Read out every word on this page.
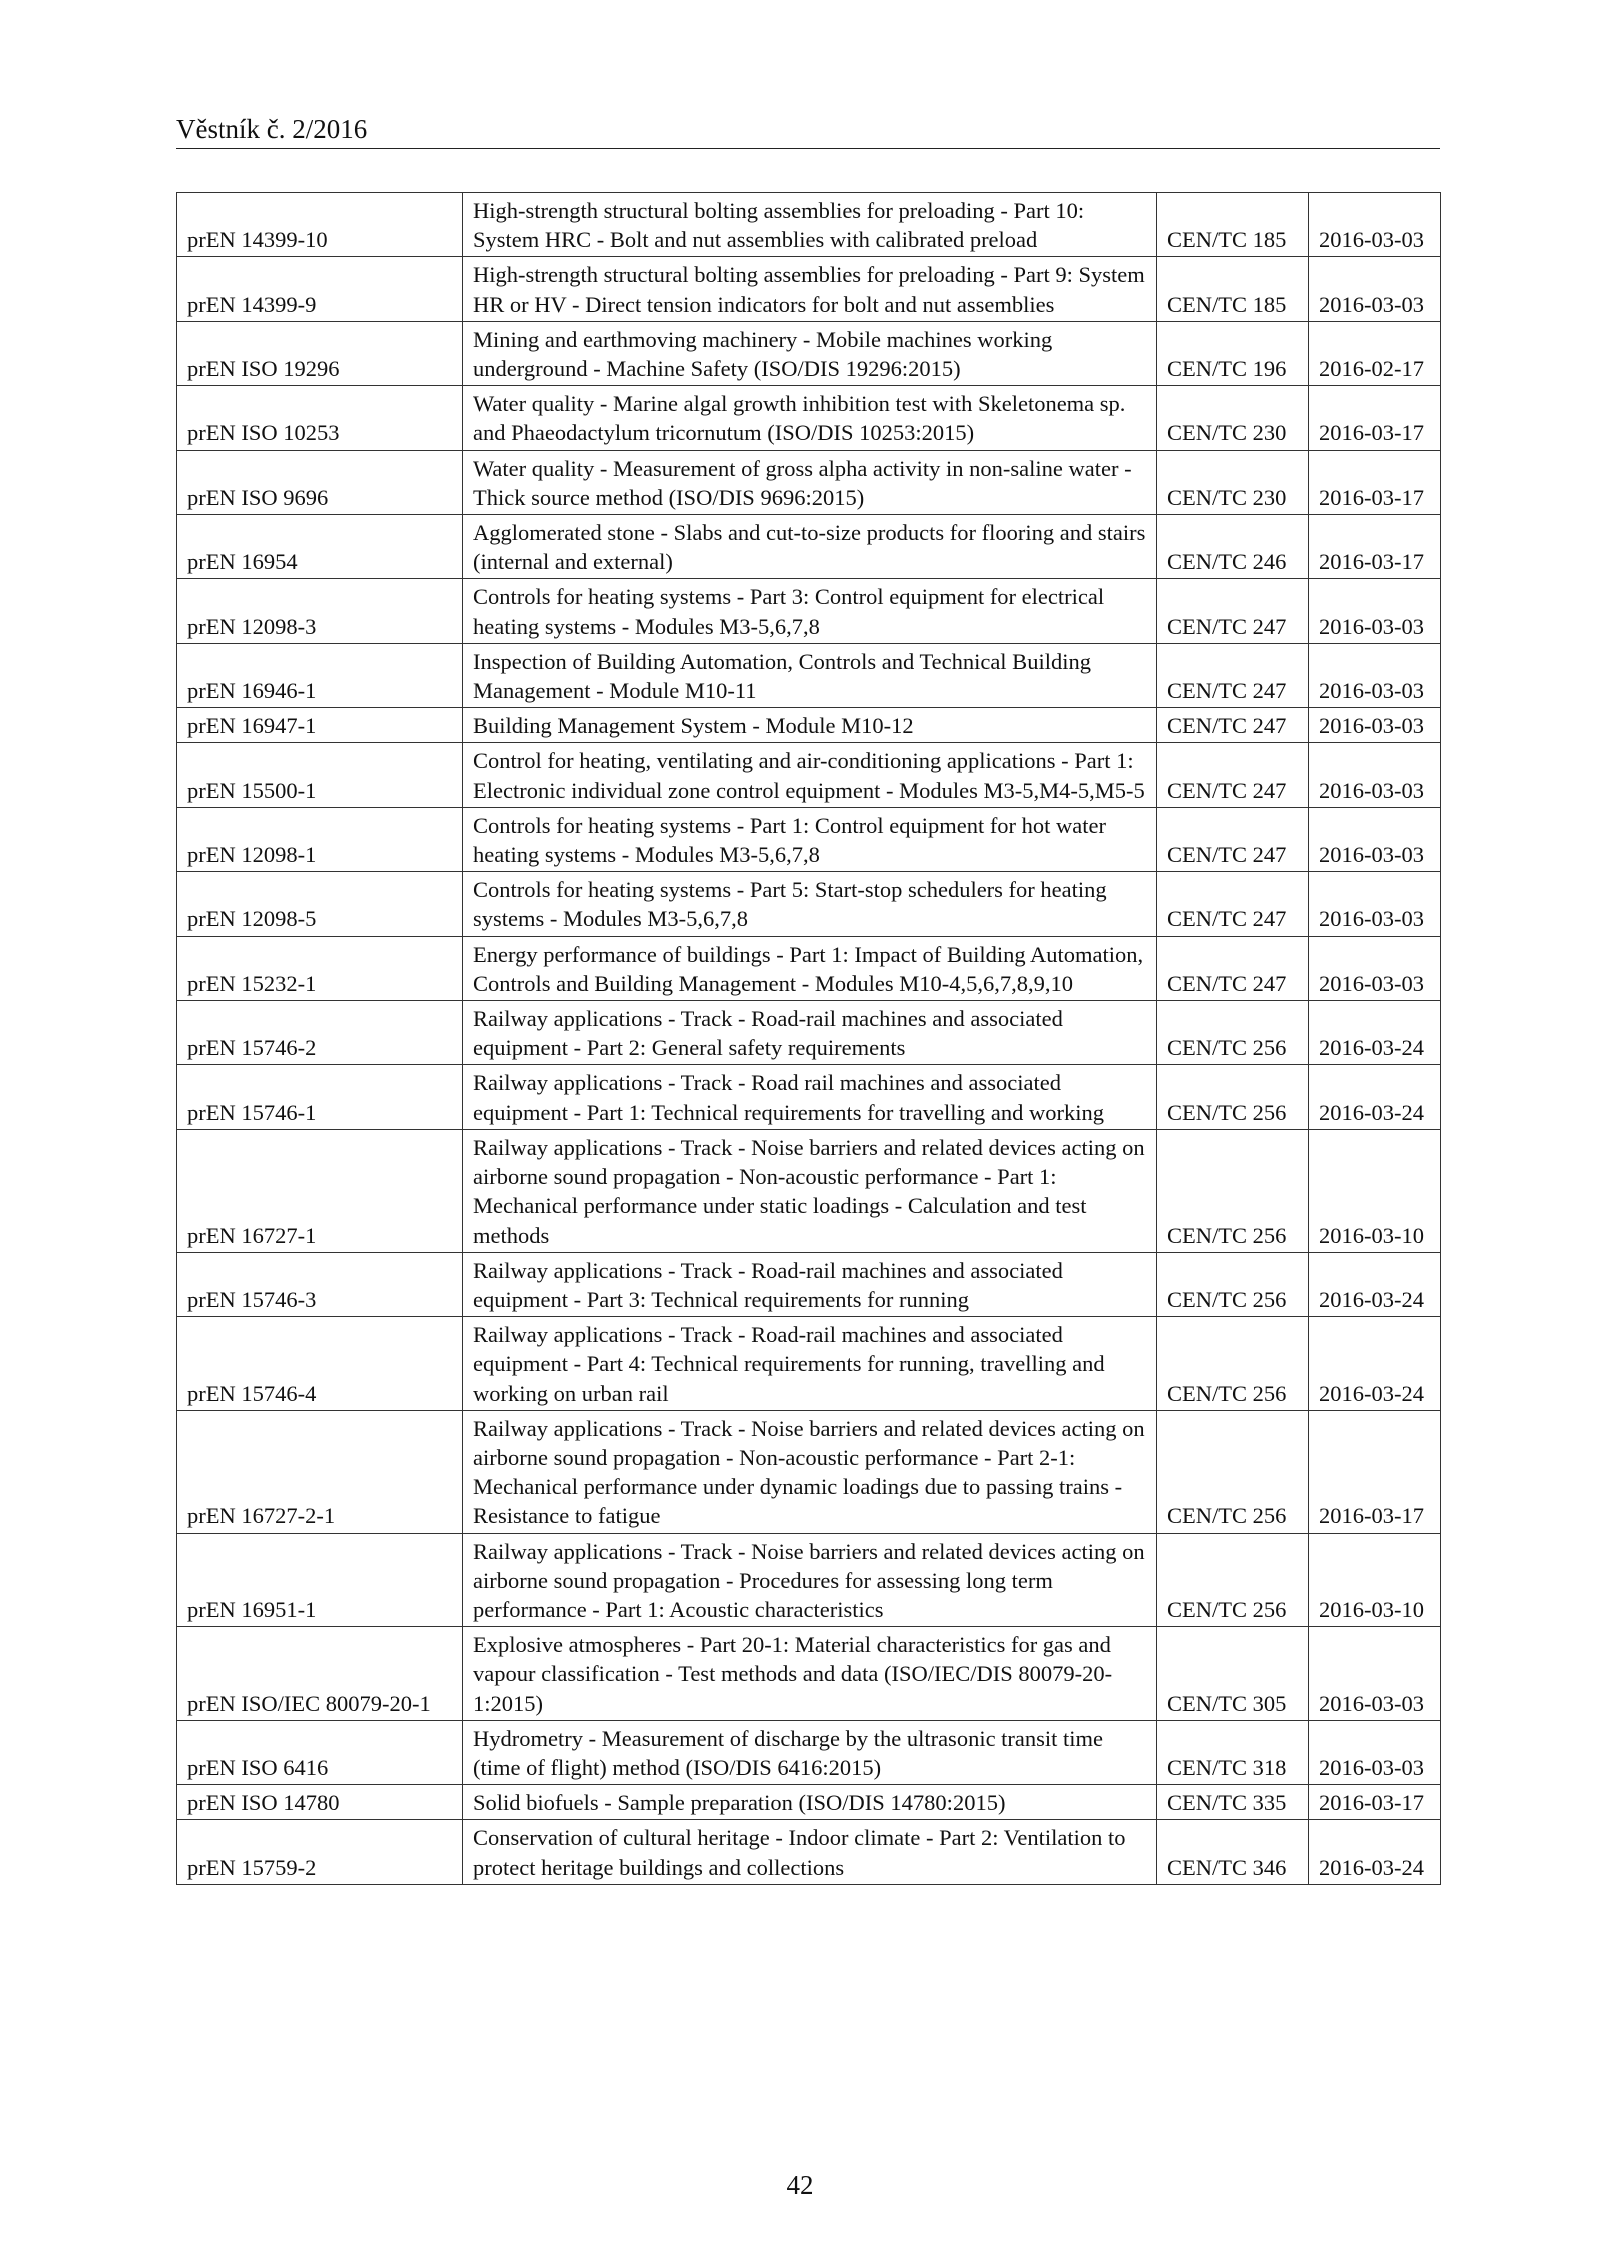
Věstník č. 2/2016
prEN 14399-10	High-strength structural bolting assemblies for preloading - Part 10: System HRC - Bolt and nut assemblies with calibrated preload	CEN/TC 185	2016-03-03
prEN 14399-9	High-strength structural bolting assemblies for preloading - Part 9: System HR or HV - Direct tension indicators for bolt and nut assemblies	CEN/TC 185	2016-03-03
prEN ISO 19296	Mining and earthmoving machinery - Mobile machines working underground - Machine Safety (ISO/DIS 19296:2015)	CEN/TC 196	2016-02-17
prEN ISO 10253	Water quality - Marine algal growth inhibition test with Skeletonema sp. and Phaeodactylum tricornutum (ISO/DIS 10253:2015)	CEN/TC 230	2016-03-17
prEN ISO 9696	Water quality - Measurement of gross alpha activity in non-saline water - Thick source method (ISO/DIS 9696:2015)	CEN/TC 230	2016-03-17
prEN 16954	Agglomerated stone - Slabs and cut-to-size products for flooring and stairs (internal and external)	CEN/TC 246	2016-03-17
prEN 12098-3	Controls for heating systems - Part 3: Control equipment for electrical heating systems - Modules M3-5,6,7,8	CEN/TC 247	2016-03-03
prEN 16946-1	Inspection of Building Automation, Controls and Technical Building Management - Module M10-11	CEN/TC 247	2016-03-03
prEN 16947-1	Building Management System - Module M10-12	CEN/TC 247	2016-03-03
prEN 15500-1	Control for heating, ventilating and air-conditioning applications - Part 1: Electronic individual zone control equipment - Modules M3-5,M4-5,M5-5	CEN/TC 247	2016-03-03
prEN 12098-1	Controls for heating systems - Part 1: Control equipment for hot water heating systems - Modules M3-5,6,7,8	CEN/TC 247	2016-03-03
prEN 12098-5	Controls for heating systems - Part 5: Start-stop schedulers for heating systems - Modules M3-5,6,7,8	CEN/TC 247	2016-03-03
prEN 15232-1	Energy performance of buildings - Part 1: Impact of Building Automation, Controls and Building Management - Modules M10-4,5,6,7,8,9,10	CEN/TC 247	2016-03-03
prEN 15746-2	Railway applications - Track - Road-rail machines and associated equipment - Part 2: General safety requirements	CEN/TC 256	2016-03-24
prEN 15746-1	Railway applications - Track - Road rail machines and associated equipment - Part 1: Technical requirements for travelling and working	CEN/TC 256	2016-03-24
prEN 16727-1	Railway applications - Track - Noise barriers and related devices acting on airborne sound propagation - Non-acoustic performance - Part 1: Mechanical performance under static loadings - Calculation and test methods	CEN/TC 256	2016-03-10
prEN 15746-3	Railway applications - Track - Road-rail machines and associated equipment - Part 3: Technical requirements for running	CEN/TC 256	2016-03-24
prEN 15746-4	Railway applications - Track - Road-rail machines and associated equipment - Part 4: Technical requirements for running, travelling and working on urban rail	CEN/TC 256	2016-03-24
prEN 16727-2-1	Railway applications - Track - Noise barriers and related devices acting on airborne sound propagation - Non-acoustic performance - Part 2-1: Mechanical performance under dynamic loadings due to passing trains - Resistance to fatigue	CEN/TC 256	2016-03-17
prEN 16951-1	Railway applications - Track - Noise barriers and related devices acting on airborne sound propagation - Procedures for assessing long term performance - Part 1: Acoustic characteristics	CEN/TC 256	2016-03-10
prEN ISO/IEC 80079-20-1	Explosive atmospheres - Part 20-1: Material characteristics for gas and vapour classification - Test methods and data (ISO/IEC/DIS 80079-20-1:2015)	CEN/TC 305	2016-03-03
prEN ISO 6416	Hydrometry - Measurement of discharge by the ultrasonic transit time (time of flight) method (ISO/DIS 6416:2015)	CEN/TC 318	2016-03-03
prEN ISO 14780	Solid biofuels - Sample preparation (ISO/DIS 14780:2015)	CEN/TC 335	2016-03-17
prEN 15759-2	Conservation of cultural heritage - Indoor climate - Part 2: Ventilation to protect heritage buildings and collections	CEN/TC 346	2016-03-24
42
